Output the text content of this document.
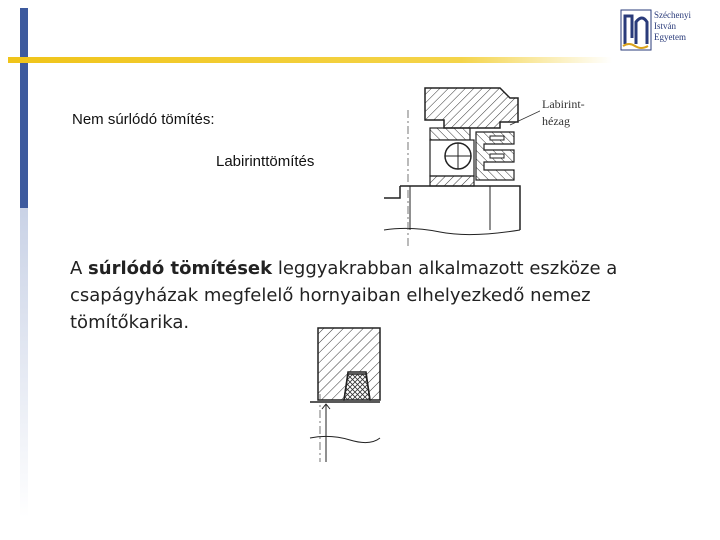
Széchenyi
István
Egyetem
Nem súrlódó tömítés:
Labirinttömítés
Labirint-
hézag
A súrlódó tömítések leggyakrabban alkalmazott eszköze a csapágyházak megfelelő hornyaiban elhelyezkedő nemez tömítőkarika.
